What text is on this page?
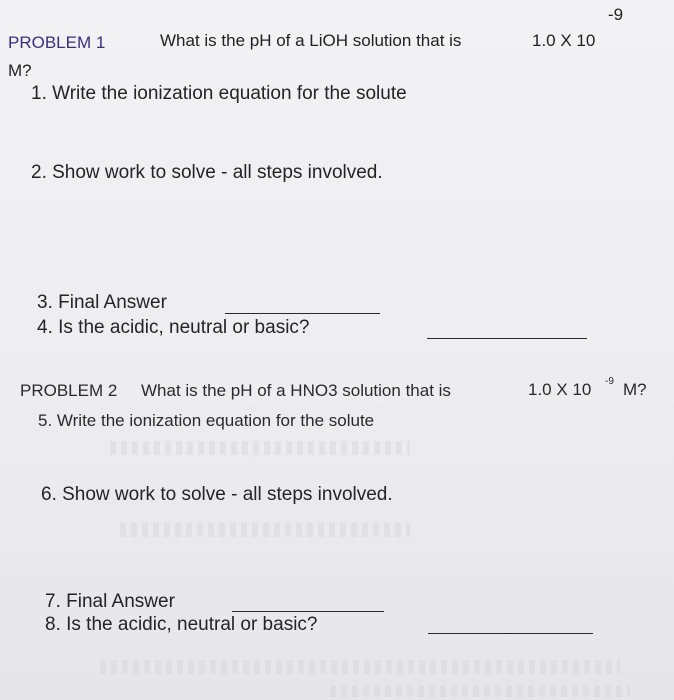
PROBLEM 1	What is the pH of a LiOH solution that is	1.0 X 10
-9
M?
1. Write the ionization equation for the solute
2. Show work to solve - all steps involved.
3. Final Answer
4. Is the acidic, neutral or basic?
PROBLEM 2 What is the pH of a HNO3 solution that is	1.0 X 10 -9 M?
5. Write the ionization equation for the solute
6. Show work to solve - all steps involved.
7. Final Answer
8. Is the acidic, neutral or basic?
